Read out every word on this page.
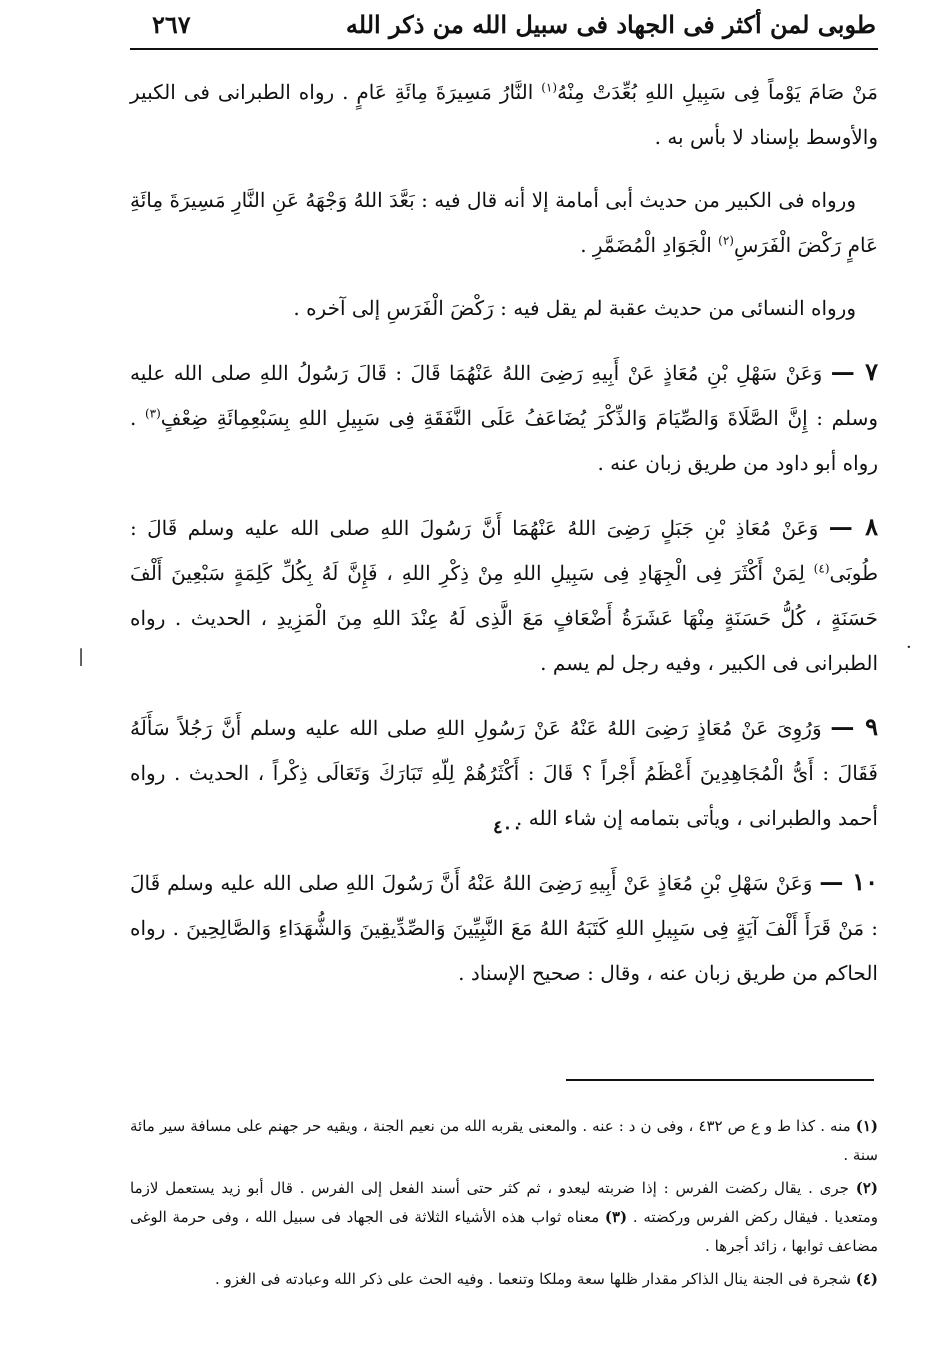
طوبى لمن أكثر فى الجهاد فى سبيل الله من ذكر الله
٢٦٧

مَنْ صَامَ يَوْماً فِى سَبِيلِ اللهِ بُعِّدَتْ مِنْهُ$^{(١)}$ النَّارُ مَسِيرَةَ مِائَةِ عَامٍ . رواه الطبرانى فى الكبير والأوسط بإسناد لا بأس به .

ورواه فى الكبير من حديث أبى أمامة إلا أنه قال فيه : بَعَّدَ اللهُ وَجْهَهُ عَنِ النَّارِ مَسِيرَةَ مِائَةِ عَامٍ رَكْضَ الْفَرَسِ$^{(٢)}$ الْجَوَادِ الْمُضَمَّرِ .

ورواه النسائى من حديث عقبة لم يقل فيه : رَكْضَ الْفَرَسِ إلى آخره .

٧ — وَعَنْ سَهْلِ بْنِ مُعَاذٍ عَنْ أَبِيهِ رَضِىَ اللهُ عَنْهُمَا قَالَ : قَالَ رَسُولُ اللهِ صلى الله عليه وسلم : إِنَّ الصَّلَاةَ وَالصِّيَامَ وَالذِّكْرَ يُضَاعَفُ عَلَى النَّفَقَةِ فِى سَبِيلِ اللهِ بِسَبْعِمِائَةِ ضِعْفٍ$^{(٣)}$ . رواه أبو داود من طريق زبان عنه .

٨ — وَعَنْ مُعَاذِ بْنِ جَبَلٍ رَضِىَ اللهُ عَنْهُمَا أَنَّ رَسُولَ اللهِ صلى الله عليه وسلم قَالَ : طُوبَى$^{(٤)}$ لِمَنْ أَكْثَرَ فِى الْجِهَادِ فِى سَبِيلِ اللهِ مِنْ ذِكْرِ اللهِ ، فَإِنَّ لَهُ بِكُلِّ كَلِمَةٍ سَبْعِينَ أَلْفَ حَسَنَةٍ ، كُلُّ حَسَنَةٍ مِنْهَا عَشَرَةُ أَضْعَافٍ مَعَ الَّذِى لَهُ عِنْدَ اللهِ مِنَ الْمَزِيدِ ، الحديث . رواه الطبرانى فى الكبير ، وفيه رجل لم يسم .

٩ — وَرُوِىَ عَنْ مُعَاذٍ رَضِىَ اللهُ عَنْهُ عَنْ رَسُولِ اللهِ صلى الله عليه وسلم أَنَّ رَجُلاً سَأَلَهُ فَقَالَ : أَىُّ الْمُجَاهِدِينَ أَعْظَمُ أَجْراً ؟ قَالَ : أَكْثَرُهُمْ لِلّهِ تَبَارَكَ وَتَعَالَى ذِكْراً ، الحديث . رواه أحمد والطبرانى ، ويأتى بتمامه إن شاء الله .

١٠ — وَعَنْ سَهْلِ بْنِ مُعَاذٍ عَنْ أَبِيهِ رَضِىَ اللهُ عَنْهُ أَنَّ رَسُولَ اللهِ صلى الله عليه وسلم قَالَ : مَنْ قَرَأَ أَلْفَ آيَةٍ فِى سَبِيلِ اللهِ كَتَبَهُ اللهُ مَعَ النَّبِيِّينَ وَالصِّدِّيقِينَ وَالشُّهَدَاءِ وَالصَّالِحِينَ . رواه الحاكم من طريق زبان عنه ، وقال : صحيح الإسناد .

٤٠٠
·
|

(١) منه . كذا ط و ع ص ٤٣٢ ، وفى ن د : عنه . والمعنى يقربه الله من نعيم الجنة ، ويقيه حر جهنم على مسافة سير مائة سنة .

(٢) جرى . يقال ركضت الفرس : إذا ضربته ليعدو ، ثم كثر حتى أسند الفعل إلى الفرس . قال أبو زيد يستعمل لازما ومتعديا . فيقال ركض الفرس وركضته . (٣) معناه ثواب هذه الأشياء الثلاثة فى الجهاد فى سبيل الله ، وفى حرمة الوغى مضاعف ثوابها ، زائد أجرها .

(٤) شجرة فى الجنة ينال الذاكر مقدار ظلها سعة وملكا وتنعما . وفيه الحث على ذكر الله وعبادته فى الغزو .
